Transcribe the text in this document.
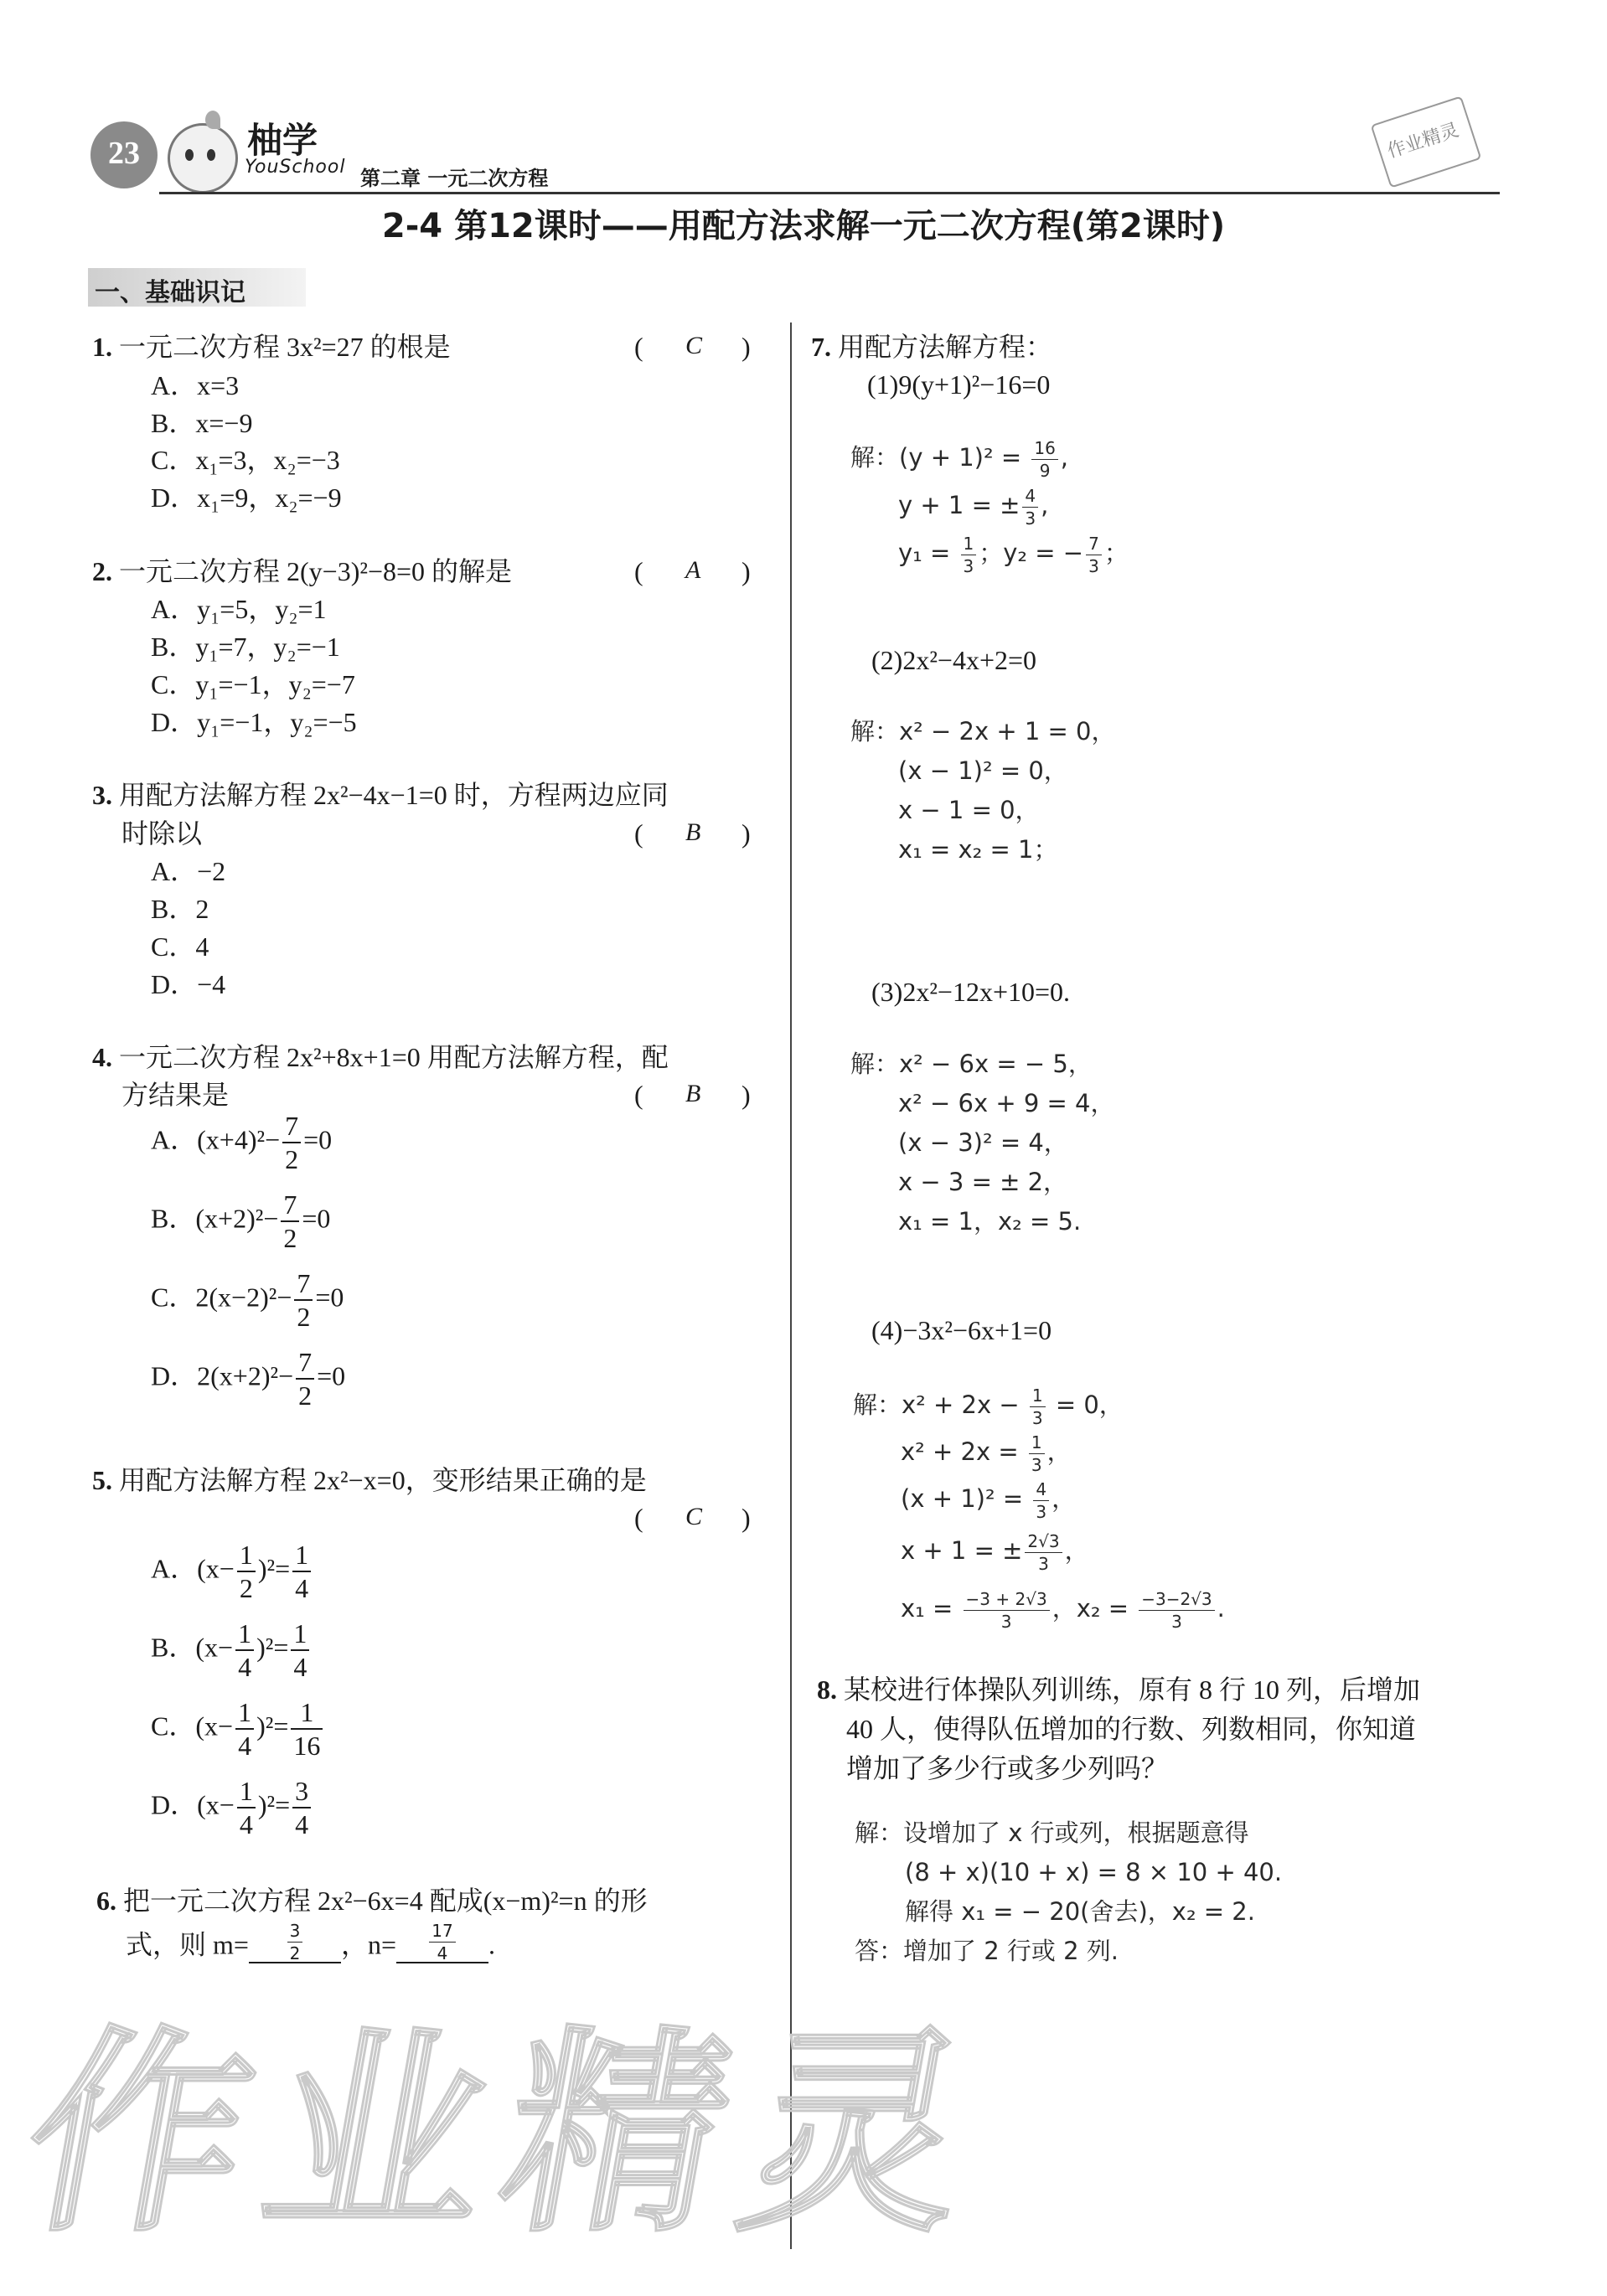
23	柚学
YouSchool 第二章 一元二次方程
作业精灵
2-4 第12课时——用配方法求解一元二次方程(第2课时)
一、基础识记
1. 一元二次方程 3x²=27 的根是	( C )
A．x=3
B．x=−9
C．x₁=3，x₂=−3
D．x₁=9，x₂=−9
2. 一元二次方程 2(y−3)²−8=0 的解是	( A )
A．y₁=5，y₂=1
B．y₁=7，y₂=−1
C．y₁=−1，y₂=−7
D．y₁=−1，y₂=−5
3. 用配方法解方程 2x²−4x−1=0 时，方程两边应同
时除以	( B )
A．−2
B．2
C．4
D．−4
4. 一元二次方程 2x²+8x+1=0 用配方法解方程，配
方结果是	( B )
A．$(x+4)^2- \frac{7}{2} =0$
B．$(x+2)^2- \frac{7}{2} =0$
C．$2(x-2)^2- \frac{7}{2} =0$
D．$2(x+2)^2- \frac{7}{2} =0$
5. 用配方法解方程 2x²−x=0，变形结果正确的是
( C )
A．$(x- \frac{1}{2} )^2= \frac{1}{4}$
B．$(x- \frac{1}{4} )^2= \frac{1}{4}$
C．$(x- \frac{1}{4} )^2= \frac{1}{16}$
D．$(x- \frac{1}{4} )^2= \frac{3}{4}$
6. 把一元二次方程 2x²−6x=4 配成(x−m)²=n 的形
式，则 $m= \frac{3}{2}$ ，$n= \frac{17}{4}$ .
7. 用配方法解方程：
(1)9(y+1)²−16=0
解：$(y + 1)^2 = \frac{16}{9}$ ,
y + 1 = ± $\frac{4}{3}$ ,
$y_1 = \frac{1}{3}$ ；y₂ = − $\frac{7}{3}$ ；
(2)2x²−4x+2=0
解：x² − 2x + 1 = 0，
(x − 1)² = 0，
x − 1 = 0，
x₁ = x₂ = 1；
(3)2x²−12x+10=0.
解：x² − 6x = − 5，
x² − 6x + 9 = 4，
(x − 3)² = 4，
x − 3 = ± 2，
x₁ = 1，x₂ = 5.
(4)−3x²−6x+1=0
解：$x^2 + 2x - \frac{1}{3} = 0$，
$x^2 + 2x = \frac{1}{3}$ ，
$(x + 1)^2 = \frac{4}{3}$ ，
x + 1 = ± $\frac{2√3}{3}$ ，
$x_1 = \frac{-3 + 2√3}{3}$ ，$x_2 = \frac{-3-2√3}{3}$ .
8. 某校进行体操队列训练，原有 8 行 10 列，后增加
40 人，使得队伍增加的行数、列数相同，你知道
增加了多少行或多少列吗？
解：设增加了 x 行或列，根据题意得
(8 + x)(10 + x) = 8 × 10 + 40.
解得 x₁ = − 20(舍去)，x₂ = 2.
答：增加了 2 行或 2 列.
作业精灵
